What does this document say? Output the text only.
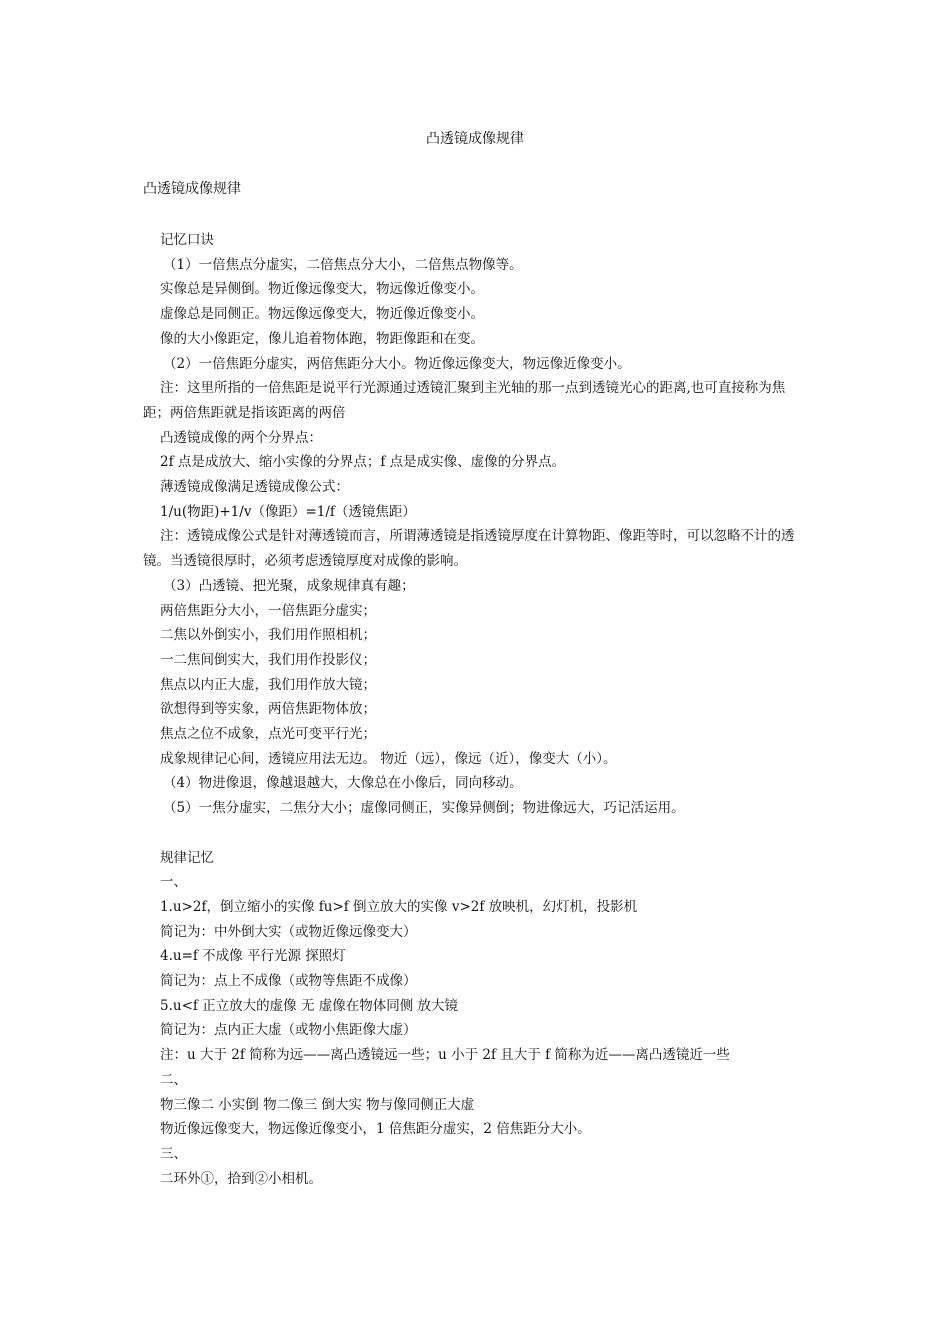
凸透镜成像规律
凸透镜成像规律
记忆口诀
（1）一倍焦点分虚实，二倍焦点分大小，二倍焦点物像等。
实像总是异侧倒。物近像远像变大，物远像近像变小。
虚像总是同侧正。物远像远像变大，物近像近像变小。
像的大小像距定，像儿追着物体跑，物距像距和在变。
（2）一倍焦距分虚实，两倍焦距分大小。物近像远像变大，物远像近像变小。
注：这里所指的一倍焦距是说平行光源通过透镜汇聚到主光轴的那一点到透镜光心的距离,也可直接称为焦距；两倍焦距就是指该距离的两倍
凸透镜成像的两个分界点：
2f 点是成放大、缩小实像的分界点；f 点是成实像、虚像的分界点。
薄透镜成像满足透镜成像公式：
1/u(物距)+1/v（像距）=1/f（透镜焦距）
注：透镜成像公式是针对薄透镜而言，所谓薄透镜是指透镜厚度在计算物距、像距等时，可以忽略不计的透镜。当透镜很厚时，必须考虑透镜厚度对成像的影响。
（3）凸透镜、把光聚，成象规律真有趣；
两倍焦距分大小，一倍焦距分虚实；
二焦以外倒实小，我们用作照相机；
一二焦间倒实大，我们用作投影仪；
焦点以内正大虚，我们用作放大镜；
欲想得到等实象，两倍焦距物体放；
焦点之位不成象，点光可变平行光；
成象规律记心间，透镜应用法无边。 物近（远），像远（近），像变大（小）。
（4）物进像退，像越退越大，大像总在小像后，同向移动。
（5）一焦分虚实，二焦分大小；虚像同侧正，实像异侧倒；物进像远大，巧记活运用。
规律记忆
一、
1.u>2f，倒立缩小的实像 fu>f 倒立放大的实像 v>2f 放映机，幻灯机，投影机
简记为：中外倒大实（或物近像远像变大）
4.u=f 不成像 平行光源 探照灯
简记为：点上不成像（或物等焦距不成像）
5.u<f 正立放大的虚像 无 虚像在物体同侧 放大镜
简记为：点内正大虚（或物小焦距像大虚）
注：u 大于 2f 简称为远——离凸透镜远一些；u 小于 2f 且大于 f 简称为近——离凸透镜近一些
二、
物三像二 小实倒 物二像三 倒大实 物与像同侧正大虚
物近像远像变大，物远像近像变小，1 倍焦距分虚实，2 倍焦距分大小。
三、
二环外①，拾到②小相机。
